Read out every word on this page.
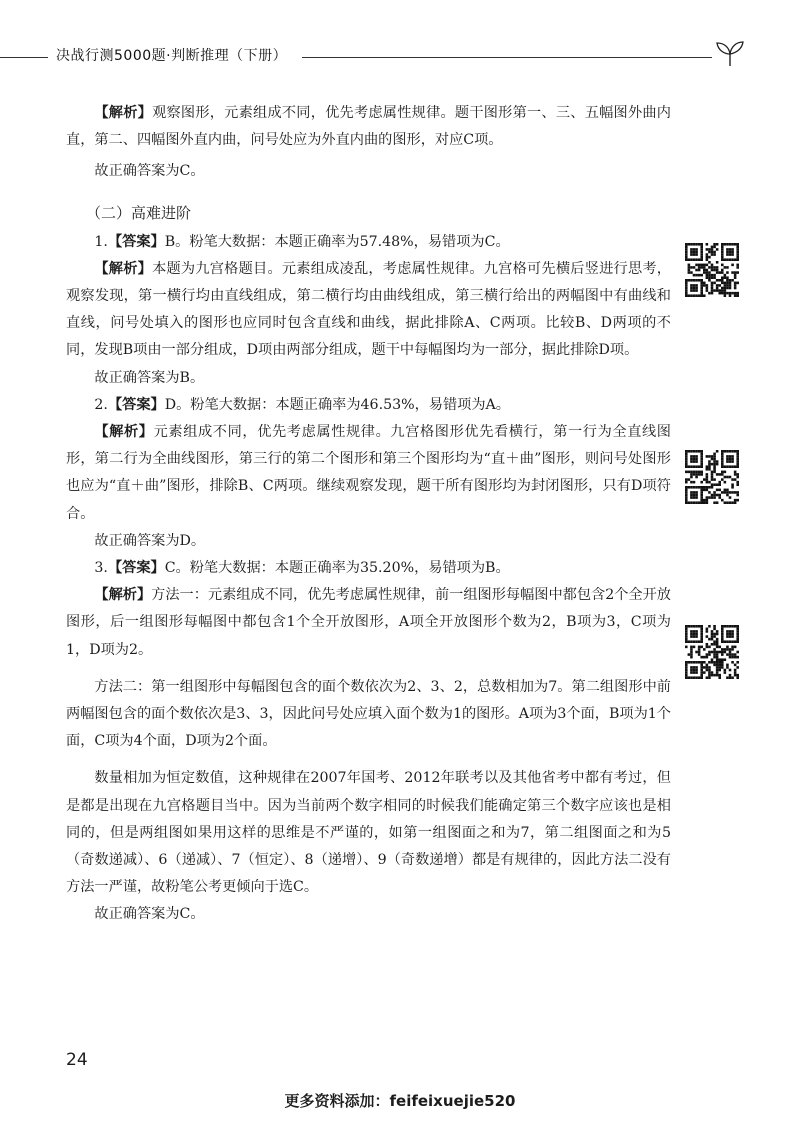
决战行测5000题·判断推理（下册）

【解析】观察图形，元素组成不同，优先考虑属性规律。题干图形第一、三、五幅图外曲内直，第二、四幅图外直内曲，问号处应为外直内曲的图形，对应C项。

故正确答案为C。

（二）高难进阶

1.【答案】B。粉笔大数据：本题正确率为57.48%，易错项为C。

【解析】本题为九宫格题目。元素组成凌乱，考虑属性规律。九宫格可先横后竖进行思考，观察发现，第一横行均由直线组成，第二横行均由曲线组成，第三横行给出的两幅图中有曲线和直线，问号处填入的图形也应同时包含直线和曲线，据此排除A、C两项。比较B、D两项的不同，发现B项由一部分组成，D项由两部分组成，题干中每幅图均为一部分，据此排除D项。

故正确答案为B。

2.【答案】D。粉笔大数据：本题正确率为46.53%，易错项为A。

【解析】元素组成不同，优先考虑属性规律。九宫格图形优先看横行，第一行为全直线图形，第二行为全曲线图形，第三行的第二个图形和第三个图形均为“直＋曲”图形，则问号处图形也应为“直＋曲”图形，排除B、C两项。继续观察发现，题干所有图形均为封闭图形，只有D项符合。

故正确答案为D。

3.【答案】C。粉笔大数据：本题正确率为35.20%，易错项为B。

【解析】方法一：元素组成不同，优先考虑属性规律，前一组图形每幅图中都包含2个全开放图形，后一组图形每幅图中都包含1个全开放图形，A项全开放图形个数为2，B项为3，C项为1，D项为2。

方法二：第一组图形中每幅图包含的面个数依次为2、3、2，总数相加为7。第二组图形中前两幅图包含的面个数依次是3、3，因此问号处应填入面个数为1的图形。A项为3个面，B项为1个面，C项为4个面，D项为2个面。

数量相加为恒定数值，这种规律在2007年国考、2012年联考以及其他省考中都有考过，但是都是出现在九宫格题目当中。因为当前两个数字相同的时候我们能确定第三个数字应该也是相同的，但是两组图如果用这样的思维是不严谨的，如第一组图面之和为7，第二组图面之和为5（奇数递减）、6（递减）、7（恒定）、8（递增）、9（奇数递增）都是有规律的，因此方法二没有方法一严谨，故粉笔公考更倾向于选C。

故正确答案为C。

24
更多资料添加：feifeixuejie520
